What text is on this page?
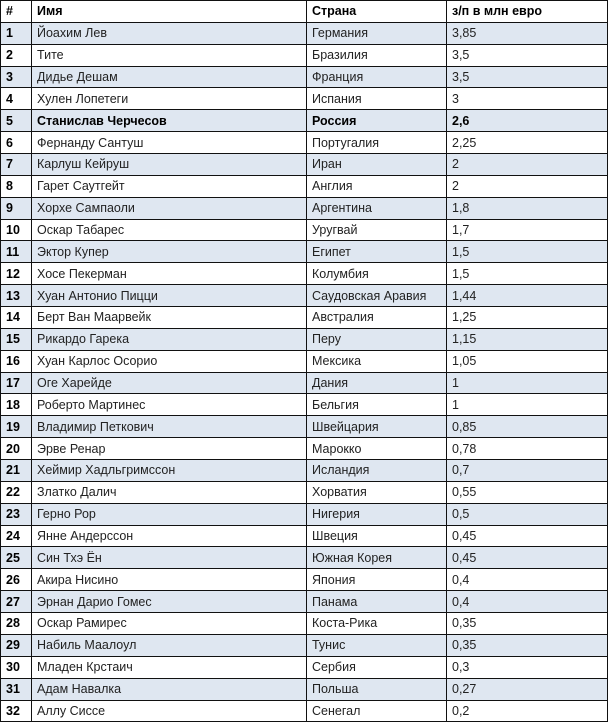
#	Имя	Страна	з/п в млн евро
1	Йоахим Лев	Германия	3,85
2	Тите	Бразилия	3,5
3	Дидье Дешам	Франция	3,5
4	Хулен Лопетеги	Испания	3
5	Станислав Черчесов	Россия	2,6
6	Фернанду Сантуш	Португалия	2,25
7	Карлуш Кейруш	Иран	2
8	Гарет Саутгейт	Англия	2
9	Хорхе Сампаоли	Аргентина	1,8
10	Оскар Табарес	Уругвай	1,7
11	Эктор Купер	Египет	1,5
12	Хосе Пекерман	Колумбия	1,5
13	Хуан Антонио Пицци	Саудовская Аравия	1,44
14	Берт Ван Маарвейк	Австралия	1,25
15	Рикардо Гарека	Перу	1,15
16	Хуан Карлос Осорио	Мексика	1,05
17	Оге Харейде	Дания	1
18	Роберто Мартинес	Бельгия	1
19	Владимир Петкович	Швейцария	0,85
20	Эрве Ренар	Марокко	0,78
21	Хеймир Хадльгримссон	Исландия	0,7
22	Златко Далич	Хорватия	0,55
23	Герно Рор	Нигерия	0,5
24	Янне Андерссон	Швеция	0,45
25	Син Тхэ Ён	Южная Корея	0,45
26	Акира Нисино	Япония	0,4
27	Эрнан Дарио Гомес	Панама	0,4
28	Оскар Рамирес	Коста-Рика	0,35
29	Набиль Маалоул	Тунис	0,35
30	Младен Крстаич	Сербия	0,3
31	Адам Навалка	Польша	0,27
32	Аллу Сиссе	Сенегал	0,2
